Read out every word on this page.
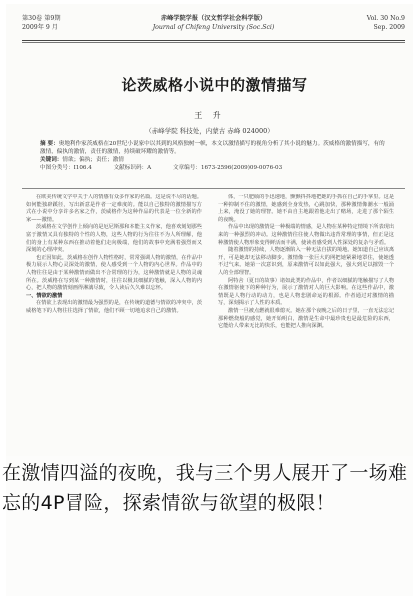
第30卷 第9期
2009年 9 月
赤峰学院学报（汉文哲学社会科学版）
Journal of Chifeng University (Soc.Sci)
Vol. 30 No.9
Sep. 2009
论茨威格小说中的激情描写
王 升
（赤峰学院 科技处，内蒙古 赤峰 024000）
摘 要：奥地利作家茨威格在20世纪小说家中以其到的风格独树一帜，本文以激情描写的视角分析了其小说的魅力。茨威格的激情描写，有的激情，偏执的激情，责任的激情，持续破坏耀的激情等。
关键词：情欲；偏执；责任；激情
中图分类号：I106.4	文献标识码：A	文章编号：1673-2596(2009)09-0076-03

在欧美传统文学中关于人的情感有众多作家的名篇。这是说不尽的话题。如何能独辟蹊径，写出新意是作者一定难度的。能以自己独特的激情描写方式在小说中分享许多名家之作，茨威格作为这种作品的代表是一位全新的作家——激情。

茨威格在文学创作上倾向的是厄尼斯那和本能主义作家，他喜欢刻划那些富于激情又具有独特的个性的人物，这些人物的行为往往不为人所理解，他们的身上有某种东西在推动着他们走向极端，他们的故事中充满着强烈而又深刻的心理冲突。

也正因如此，茨威格在创作人物性格时，常常强调人物的激情，在作品中极力展示人物心灵深处的激情，使人感受到一个人物的内心世界。作品中的人物往往是由于某种激情而做出不合常理的行为，这种激情就是人物的灵魂所在。茨威格在写到某一种激情时，往往以极其细腻的笔触，深入人物的内心，把人物的激情刻画得淋漓尽致，令人读后久久难以忘怀。

一、情欲的激情

在情欲上表现出的激情最为强烈的是，在传统的道德与情欲的冲突中，茨威格笔下的人物往往选择了情欲，他们不顾一切地追求自己的激情。

体，一只肥硕的手迅速地，颤颤抖抖地把她的手抓在自己的手掌里。这是一种抑制不住的激情，她感到全身发热，心跳加快，那种激情像潮水一般涌上来，淹没了她的理智。她不由自主地跟着他走出了赌场，走进了那个陌生的夜晚。

作品中出现的激情是一种极端的情感，是人物在某种特定情境下所表现出来的一种强烈的冲动。这种激情往往使人物做出违背常理的事情，但正是这种激情使人物形象变得鲜活而丰满，使读者感受到人性深处的复杂与矛盾。

随着激情的持续，人物逐渐陷入一种无法自拔的境地。她知道自己应该离开，可是她却无法移动脚步。激情像一张巨大的网把她紧紧地罩住，使她透不过气来。她第一次意识到，原来激情可以如此强大，强大到足以摧毁一个人的全部理智。

阿特舍（夏日的故事）诸如此类的作品中，作者以细腻的笔触描写了人物在激情驱使下的种种行为，展示了激情对人的巨大影响。在这些作品中，激情既是人物行动的动力，也是人物悲剧命运的根源。作者通过对激情的描写，深刻揭示了人性的本质。

激情一旦被点燃就很难熄灭。她在那个夜晚之后的日子里，一直无法忘记那种燃烧般的感觉，她开始明白，激情是生命中最珍贵也是最危险的东西，它能给人带来无比的快乐，也能把人推向深渊。

在激情四溢的夜晚，我与三个男人展开了一场难忘的4P冒险，探索情欲与欲望的极限！
